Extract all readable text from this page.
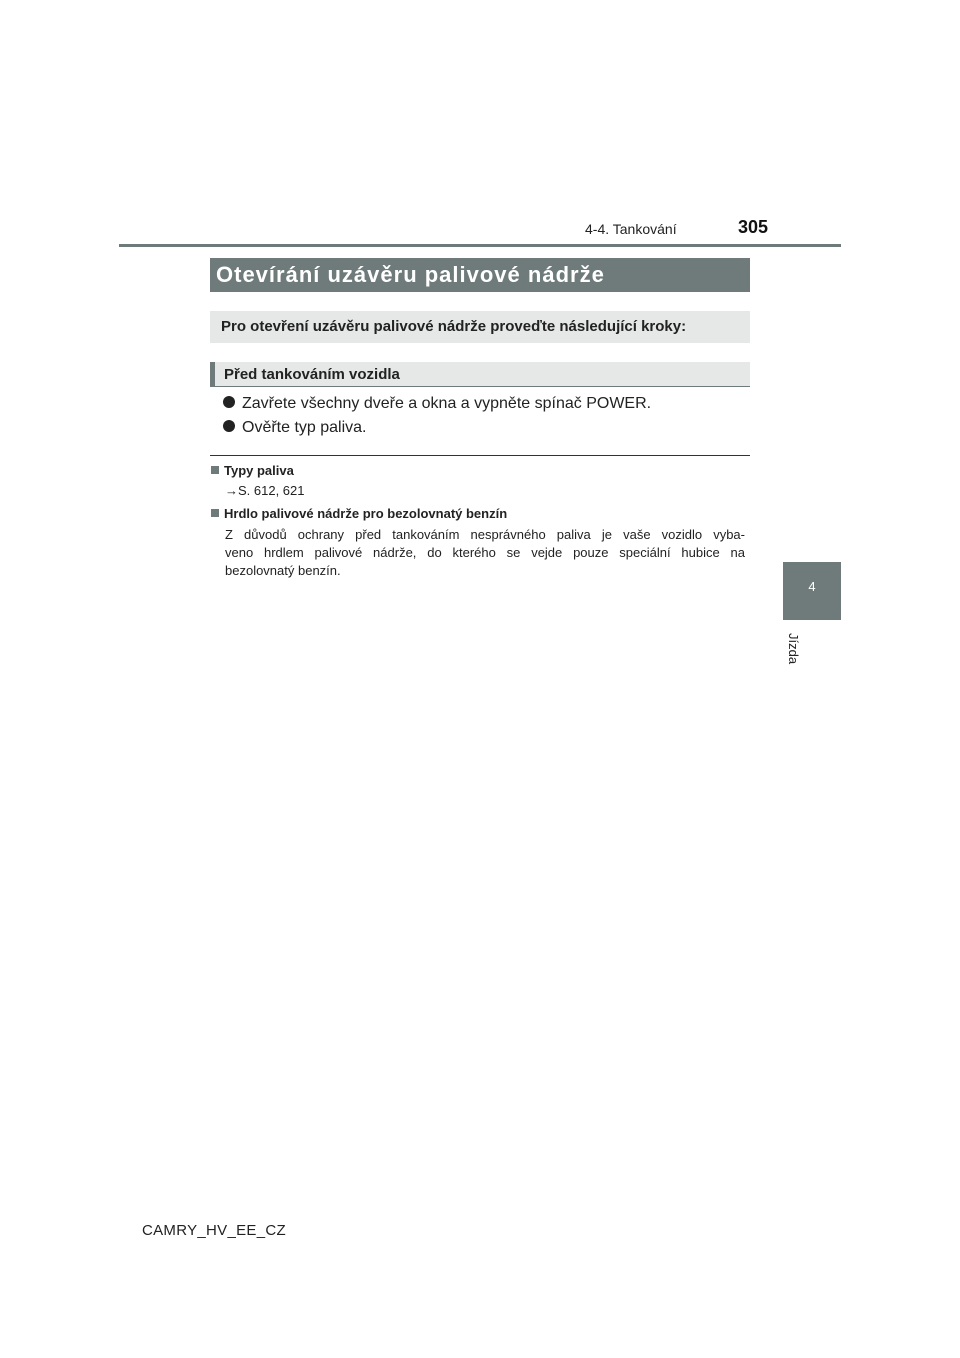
4-4. Tankování	305
4
Jízda
Otevírání uzávěru palivové nádrže
Pro otevření uzávěru palivové nádrže proveďte následující kroky:
Před tankováním vozidla
Zavřete všechny dveře a okna a vypněte spínač POWER.
Ověřte typ paliva.
Typy paliva
→S. 612, 621
Hrdlo palivové nádrže pro bezolovnatý benzín
Z důvodů ochrany před tankováním nesprávného paliva je vaše vozidlo vyba-
veno hrdlem palivové nádrže, do kterého se vejde pouze speciální hubice na
bezolovnatý benzín.
CAMRY_HV_EE_CZ
